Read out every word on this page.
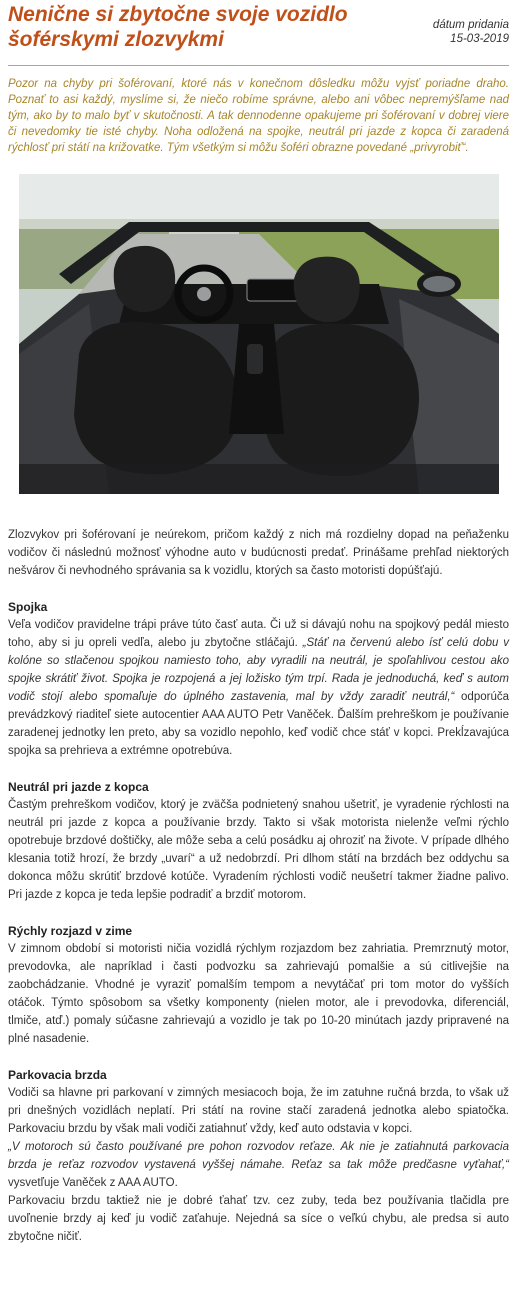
Nenične si zbytočne svoje vozidlo šoférskymi zlozvykmi
dátum pridania
15-03-2019

Pozor na chyby pri šoférovaní, ktoré nás v konečnom dôsledku môžu vyjsť poriadne draho. Poznať to asi každý, myslíme si, že niečo robíme správne, alebo ani vôbec nepremýšľame nad tým, ako by to malo byť v skutočnosti. A tak dennodenne opakujeme pri šoférovaní v dobrej viere či nevedomky tie isté chyby. Noha odložená na spojke, neutrál pri jazde z kopca či zaradená rýchlosť pri státí na križovatke. Tým všetkým si môžu šoféri obrazne povedané „privyrobiť“.

Zlozvykov pri šoférovaní je neúrekom, pričom každý z nich má rozdielny dopad na peňaženku vodičov či následnú možnosť výhodne auto v budúcnosti predať. Prinášame prehľad niektorých nešvárov či nevhodného správania sa k vozidlu, ktorých sa často motoristi dopúšťajú.

Spojka

Veľa vodičov pravidelne trápi práve túto časť auta. Či už si dávajú nohu na spojkový pedál miesto toho, aby si ju opreli vedľa, alebo ju zbytočne stláčajú. „Stáť na červenú alebo ísť celú dobu v kolóne so stlačenou spojkou namiesto toho, aby vyradili na neutrál, je spoľahlivou cestou ako spojke skrátiť život. Spojka je rozpojená a jej ložisko tým trpí. Rada je jednoduchá, keď s autom vodič stojí alebo spomaľuje do úplného zastavenia, mal by vždy zaradiť neutrál,“ odporúča prevádzkový riaditeľ siete autocentier AAA AUTO Petr Vaněček. Ďalším prehreškom je používanie zaradenej jednotky len preto, aby sa vozidlo nepohlo, keď vodič chce stáť v kopci. Prekĺzavajúca spojka sa prehrieva a extrémne opotrebúva.

Neutrál pri jazde z kopca

Častým prehreškom vodičov, ktorý je zväčša podnietený snahou ušetriť, je vyradenie rýchlosti na neutrál pri jazde z kopca a používanie brzdy. Takto si však motorista nielenže veľmi rýchlo opotrebuje brzdové doštičky, ale môže seba a celú posádku aj ohroziť na živote. V prípade dlhého klesania totiž hrozí, že brzdy „uvarí“ a už nedobrzdí. Pri dlhom státí na brzdách bez oddychu sa dokonca môžu skrútiť brzdové kotúče. Vyradením rýchlosti vodič neušetrí takmer žiadne palivo. Pri jazde z kopca je teda lepšie podradiť a brzdiť motorom.

Rýchly rozjazd v zime

V zimnom období si motoristi ničia vozidlá rýchlym rozjazdom bez zahriatia. Premrznutý motor, prevodovka, ale napríklad i časti podvozku sa zahrievajú pomalšie a sú citlivejšie na zaobchádzanie. Vhodné je vyraziť pomalším tempom a nevytáčať pri tom motor do vyšších otáčok. Týmto spôsobom sa všetky komponenty (nielen motor, ale i prevodovka, diferenciál, tlmiče, atď.) pomaly súčasne zahrievajú a vozidlo je tak po 10-20 minútach jazdy pripravené na plné nasadenie.

Parkovacia brzda

Vodiči sa hlavne pri parkovaní v zimných mesiacoch boja, že im zatuhne ručná brzda, to však už pri dnešných vozidlách neplatí. Pri státí na rovine stačí zaradená jednotka alebo spiatočka. Parkovaciu brzdu by však mali vodiči zatiahnuť vždy, keď auto odstavia v kopci.

„V motoroch sú často používané pre pohon rozvodov reťaze. Ak nie je zatiahnutá parkovacia brzda je reťaz rozvodov vystavená vyššej námahe. Reťaz sa tak môže predčasne vyťahať,“ vysvetľuje Vaněček z AAA AUTO.

Parkovaciu brzdu taktiež nie je dobré ťahať tzv. cez zuby, teda bez používania tlačidla pre uvoľnenie brzdy aj keď ju vodič zaťahuje. Nejedná sa síce o veľkú chybu, ale predsa si auto zbytočne ničiť.
